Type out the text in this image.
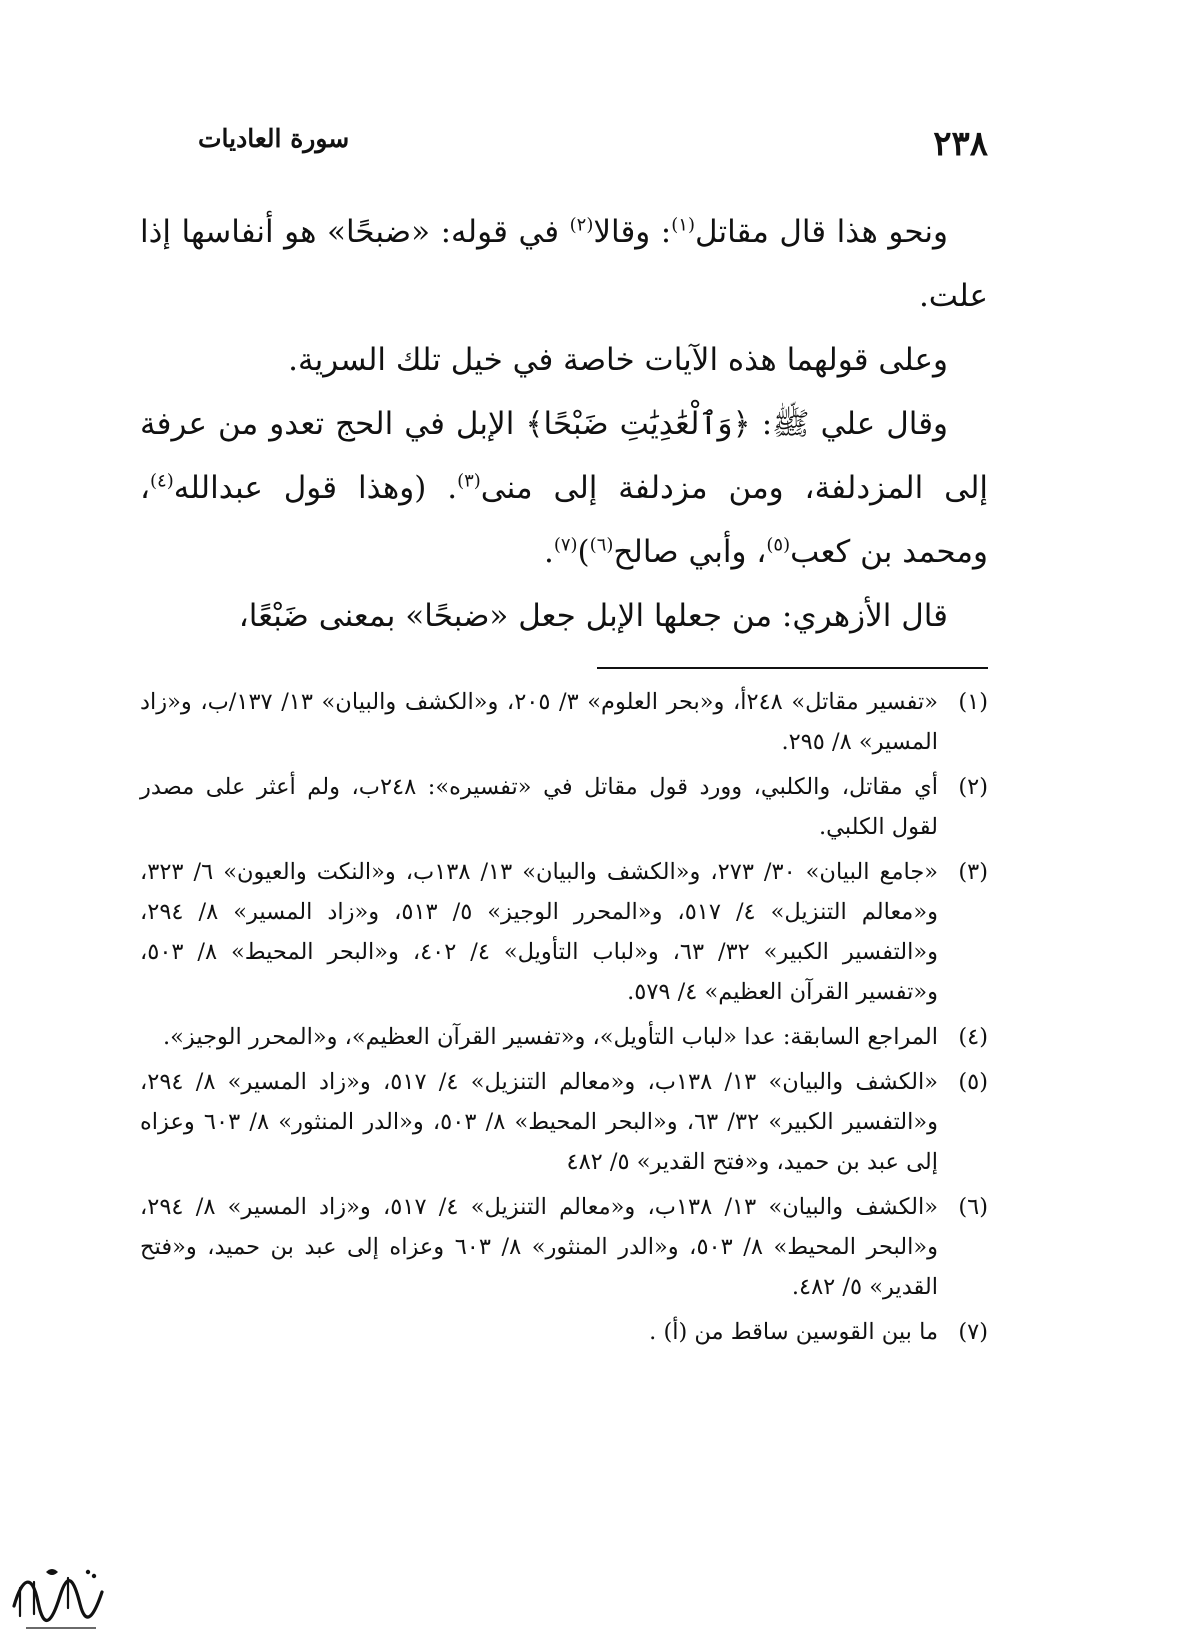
٢٣٨
سورة العاديات

ونحو هذا قال مقاتل$^{(١)}$: وقالا$^{(٢)}$ في قوله: «ضبحًا» هو أنفاسها إذا علت.

وعلى قولهما هذه الآيات خاصة في خيل تلك السرية.

وقال علي ﷺ: ﴿وَٱلْعَٰدِيَٰتِ ضَبْحًا﴾ الإبل في الحج تعدو من عرفة إلى المزدلفة، ومن مزدلفة إلى منى$^{(٣)}$. (وهذا قول عبدالله$^{(٤)}$، ومحمد بن كعب$^{(٥)}$، وأبي صالح$^{(٦)}$)$^{(٧)}$.

قال الأزهري: من جعلها الإبل جعل «ضبحًا» بمعنى ضَبْعًا،

(١)
«تفسير مقاتل» ٢٤٨أ، و«بحر العلوم» ٣/ ٢٠٥، و«الكشف والبيان» ١٣/ ١٣٧/ب، و«زاد المسير» ٨/ ٢٩٥.
(٢)
أي مقاتل، والكلبي، وورد قول مقاتل في «تفسيره»: ٢٤٨ب، ولم أعثر على مصدر لقول الكلبي.
(٣)
«جامع البيان» ٣٠/ ٢٧٣، و«الكشف والبيان» ١٣/ ١٣٨ب، و«النكت والعيون» ٦/ ٣٢٣، و«معالم التنزيل» ٤/ ٥١٧، و«المحرر الوجيز» ٥/ ٥١٣، و«زاد المسير» ٨/ ٢٩٤، و«التفسير الكبير» ٣٢/ ٦٣، و«لباب التأويل» ٤/ ٤٠٢، و«البحر المحيط» ٨/ ٥٠٣، و«تفسير القرآن العظيم» ٤/ ٥٧٩.
(٤)
المراجع السابقة: عدا «لباب التأويل»، و«تفسير القرآن العظيم»، و«المحرر الوجيز».
(٥)
«الكشف والبيان» ١٣/ ١٣٨ب، و«معالم التنزيل» ٤/ ٥١٧، و«زاد المسير» ٨/ ٢٩٤، و«التفسير الكبير» ٣٢/ ٦٣، و«البحر المحيط» ٨/ ٥٠٣، و«الدر المنثور» ٨/ ٦٠٣ وعزاه إلى عبد بن حميد، و«فتح القدير» ٥/ ٤٨٢
(٦)
«الكشف والبيان» ١٣/ ١٣٨ب، و«معالم التنزيل» ٤/ ٥١٧، و«زاد المسير» ٨/ ٢٩٤، و«البحر المحيط» ٨/ ٥٠٣، و«الدر المنثور» ٨/ ٦٠٣ وعزاه إلى عبد بن حميد، و«فتح القدير» ٥/ ٤٨٢.
(٧)
ما بين القوسين ساقط من (أ) .
